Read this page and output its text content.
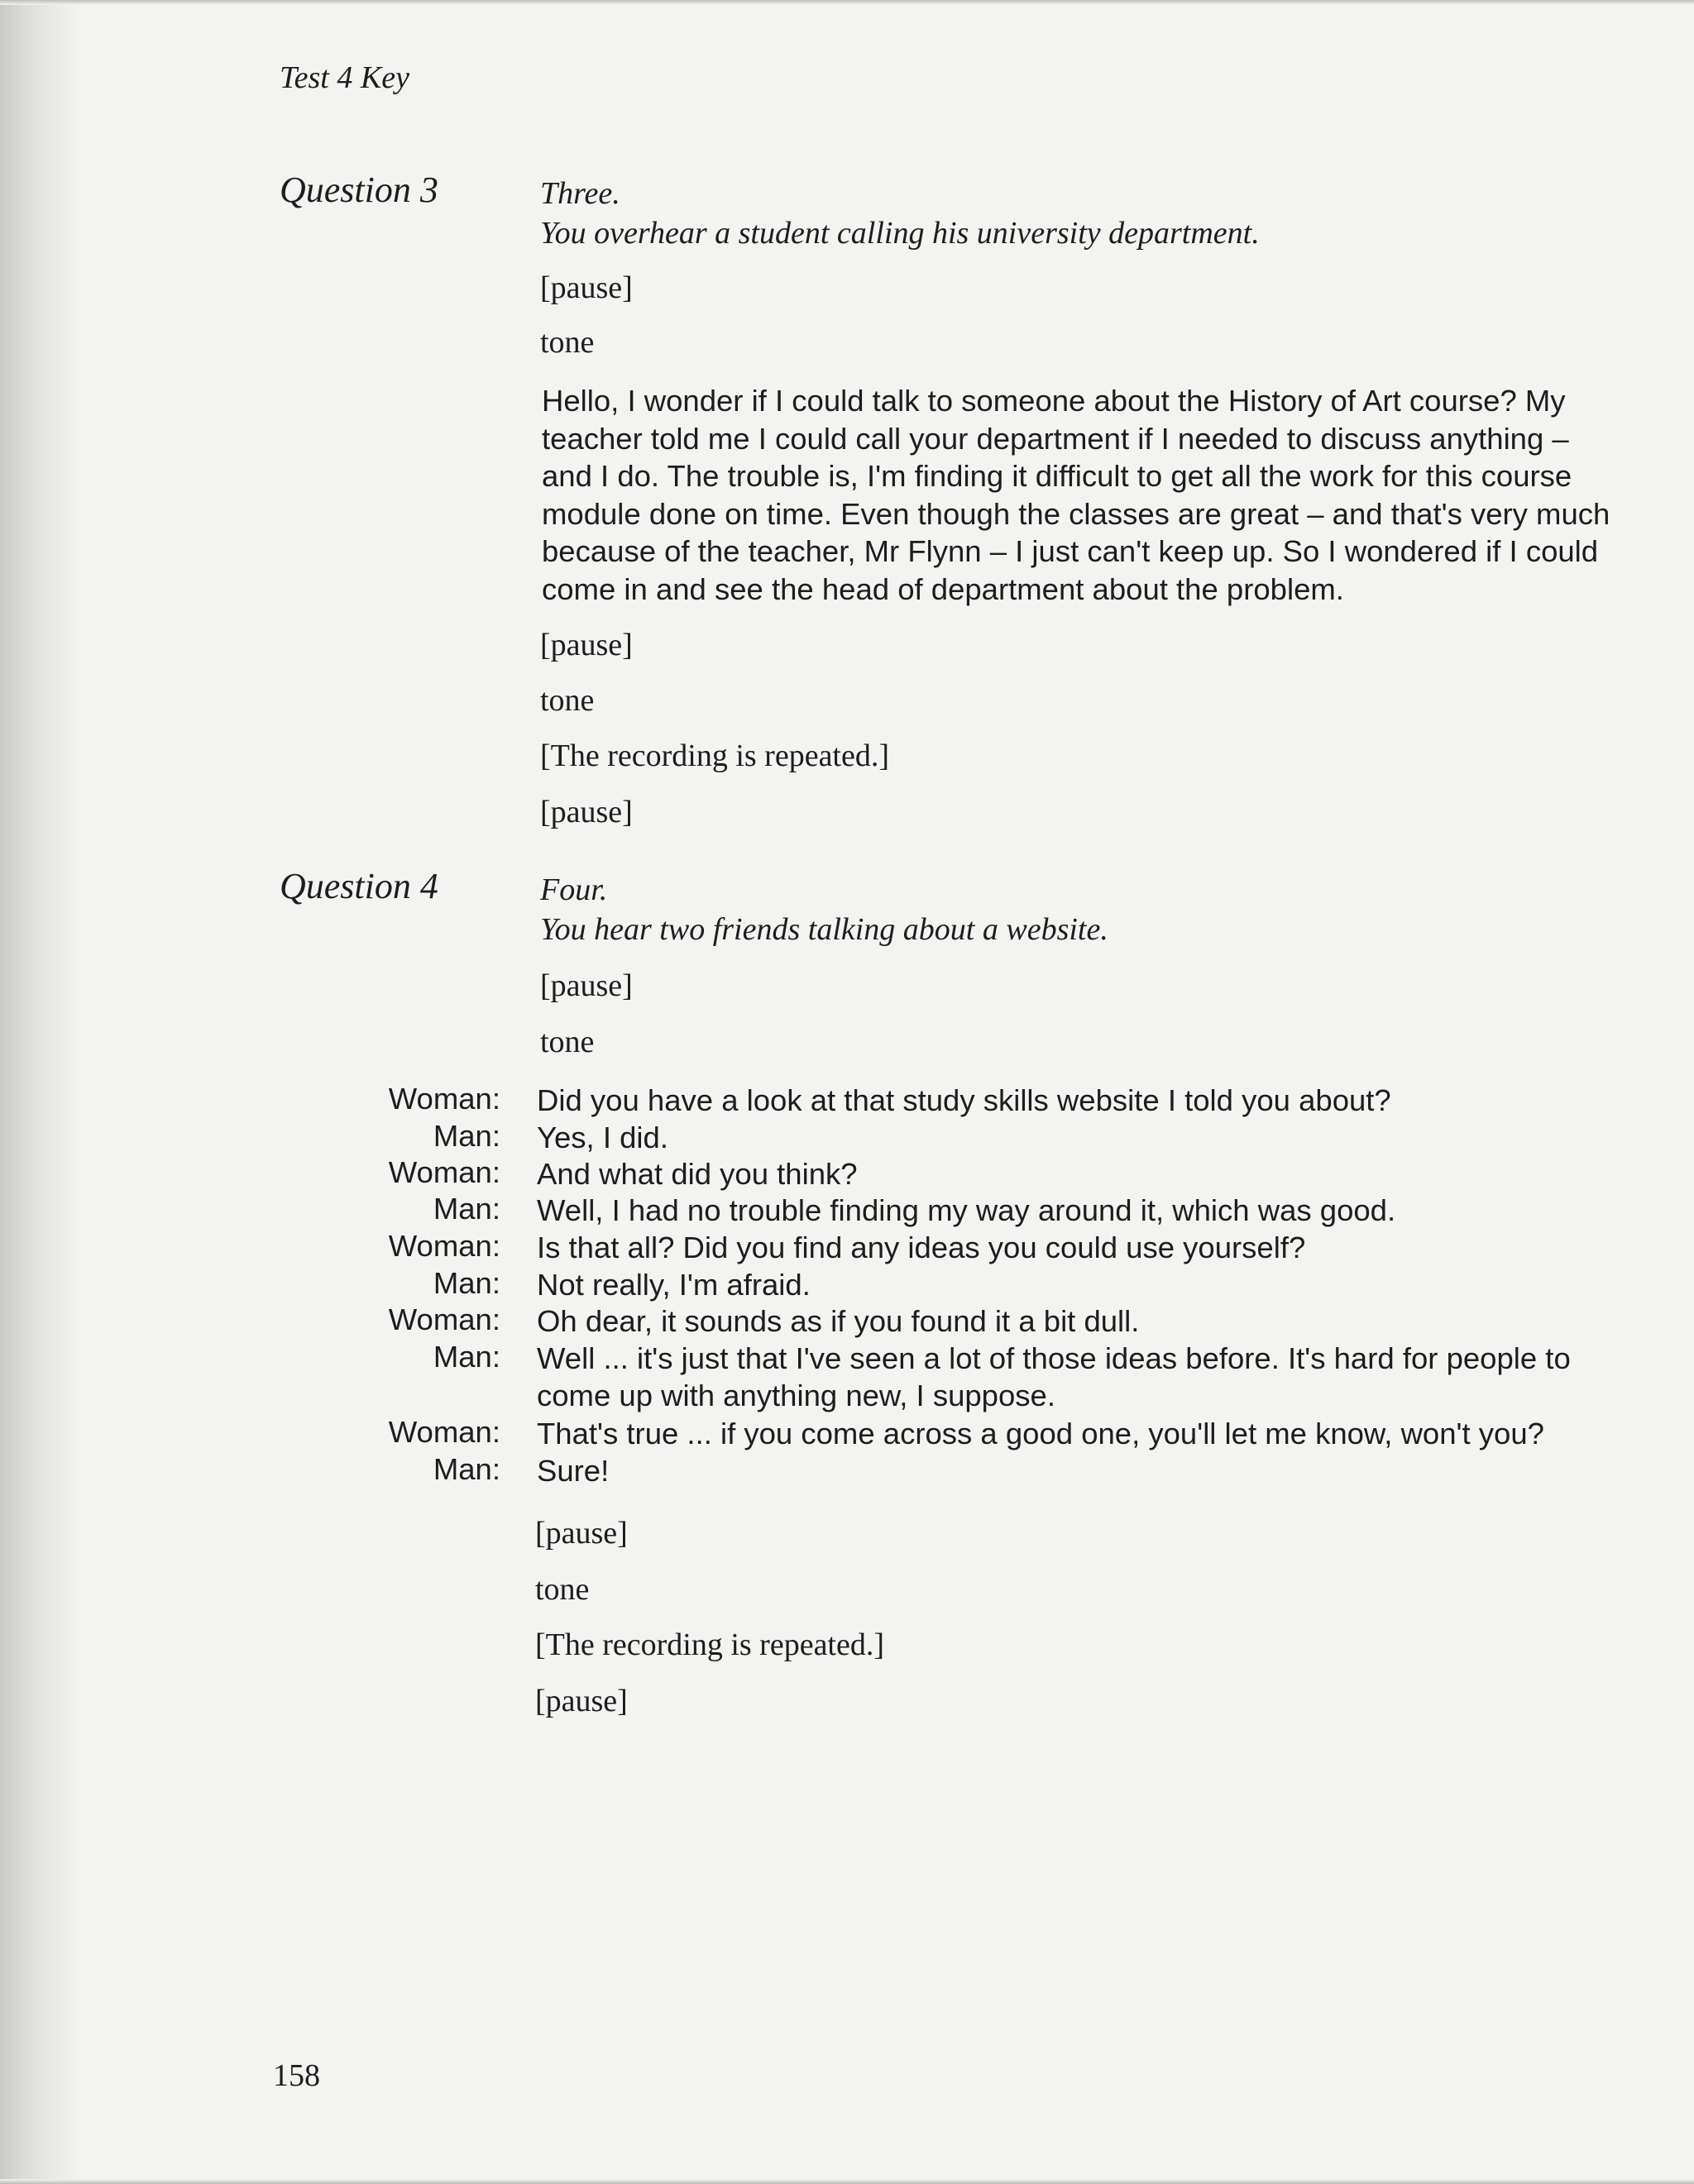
Test 4 Key
Question 3	Three.
You overhear a student calling his university department.
[pause]
tone
Hello, I wonder if I could talk to someone about the History of Art course? My teacher told me I could call your department if I needed to discuss anything – and I do. The trouble is, I'm finding it difficult to get all the work for this course module done on time. Even though the classes are great – and that's very much because of the teacher, Mr Flynn – I just can't keep up. So I wondered if I could come in and see the head of department about the problem.
[pause]
tone
[The recording is repeated.]
[pause]
Question 4	Four.
You hear two friends talking about a website.
[pause]
tone
Woman: Did you have a look at that study skills website I told you about?
Man: Yes, I did.
Woman: And what did you think?
Man: Well, I had no trouble finding my way around it, which was good.
Woman: Is that all? Did you find any ideas you could use yourself?
Man: Not really, I'm afraid.
Woman: Oh dear, it sounds as if you found it a bit dull.
Man: Well ... it's just that I've seen a lot of those ideas before. It's hard for people to
come up with anything new, I suppose.
Woman: That's true ... if you come across a good one, you'll let me know, won't you?
Man: Sure!
[pause]
tone
[The recording is repeated.]
[pause]
158
